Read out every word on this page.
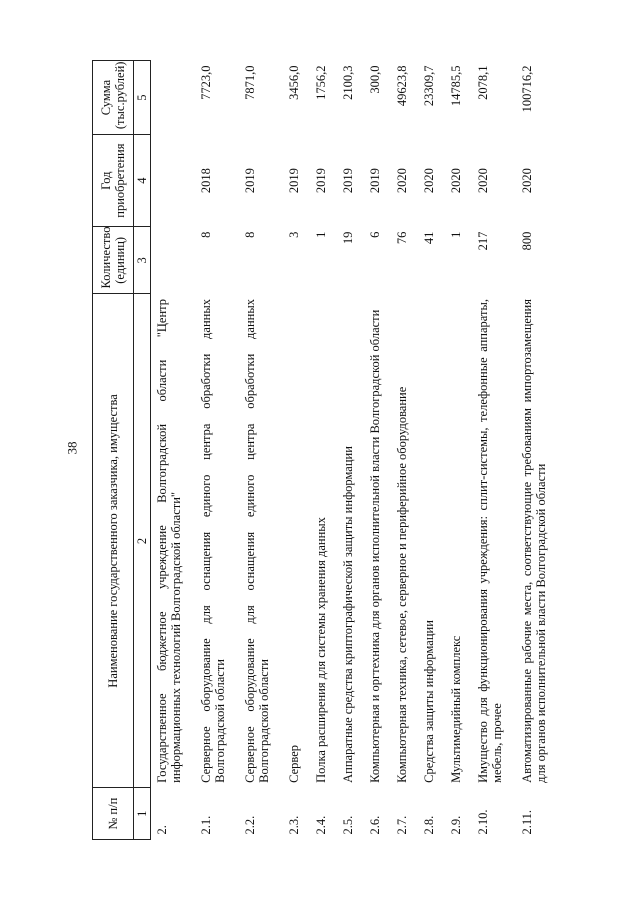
38
№ п/п	Наименование государственного заказчика, имущества	Количество (единиц)	Год приобретения	Сумма (тыс.рублей)
1	2	3	4	5
2.	Государственное бюджетное учреждение Волгоградской области "Центр информационных технологий Волгоградской области"			
2.1.	Серверное оборудование для оснащения единого центра обработки данных Волгоградской области	8	2018	7723,0
2.2.	Серверное оборудование для оснащения единого центра обработки данных Волгоградской области	8	2019	7871,0
2.3.	Сервер	3	2019	3456,0
2.4.	Полка расширения для системы хранения данных	1	2019	1756,2
2.5.	Аппаратные средства криптографической защиты информации	19	2019	2100,3
2.6.	Компьютерная и оргтехника для органов исполнительной власти Волгоградской области	6	2019	300,0
2.7.	Компьютерная техника, сетевое, серверное и периферийное оборудование	76	2020	49623,8
2.8.	Средства защиты информации	41	2020	23309,7
2.9.	Мультимедийный комплекс	1	2020	14785,5
2.10.	Имущество для функционирования учреждения: сплит-системы, телефонные аппараты, мебель, прочее	217	2020	2078,1
2.11.	Автоматизированные рабочие места, соответствующие требованиям импортозамещения для органов исполнительной власти Волгоградской области	800	2020	100716,2
